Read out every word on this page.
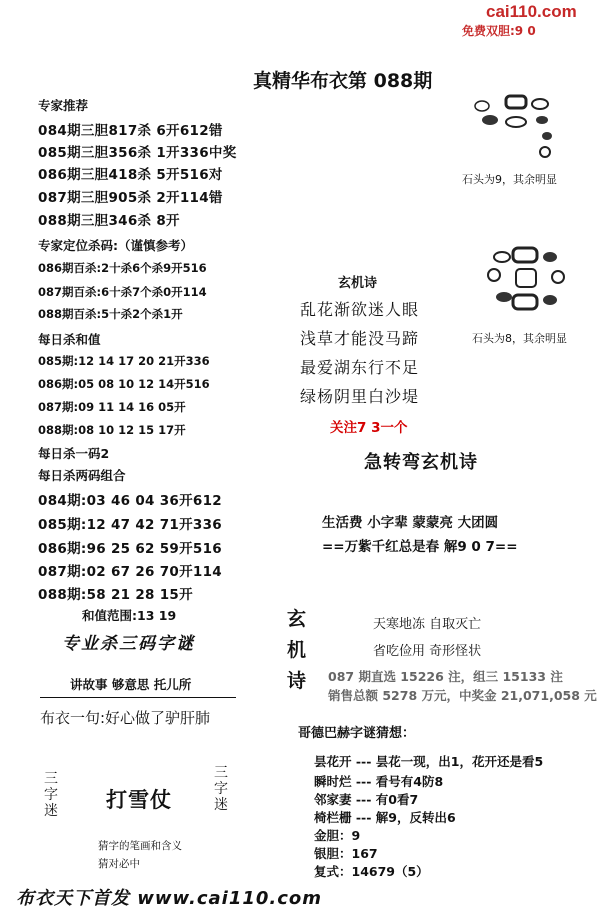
cai110.com
免费双胆:9 0
真精华布衣第 088期
专家推荐
084期三胆817杀 6开612错
085期三胆356杀 1开336中奖
086期三胆418杀 5开516对
087期三胆905杀 2开114错
088期三胆346杀 8开
专家定位杀码:（谨慎参考）
086期百杀:2十杀6个杀9开516
087期百杀:6十杀7个杀0开114
088期百杀:5十杀2个杀1开
每日杀和值
085期:12 14 17 20 21开336
086期:05 08 10 12 14开516
087期:09 11 14 16 05开
088期:08 10 12 15 17开
每日杀一码2
每日杀两码组合
084期:03 46 04 36开612
085期:12 47 42 71开336
086期:96 25 62 59开516
087期:02 67 26 70开114
088期:58 21 28 15开
和值范围:13 19
专业杀三码字谜
讲故事 够意思 托儿所
布衣一句:好心做了驴肝肺
三字迷 打雪仗
三字迷
猜字的笔画和含义
猜对必中
石头为9，其余明显
石头为8，其余明显
玄机诗
乱花渐欲迷人眼
浅草才能没马蹄
最爱湖东行不足
绿杨阴里白沙堤
关注7 3一个
急转弯玄机诗
生活费 小字辈 蒙蒙亮 大团圆
==万紫千红总是春 解9 0 7==
玄机诗
天寒地冻 自取灭亡
省吃俭用 奇形怪状
087 期直选 15226 注，组三 15133 注
销售总额 5278 万元，中奖金 21,071,058 元
哥德巴赫字谜猜想：
昙花开 --- 昙花一现，出1，花开还是看5
瞬时烂 --- 看号有4防8
邻家妻 --- 有0看7
椅栏栅 --- 解9，反转出6
金胆：9
银胆：167
复式：14679（5）
布衣天下首发 www.cai110.com
